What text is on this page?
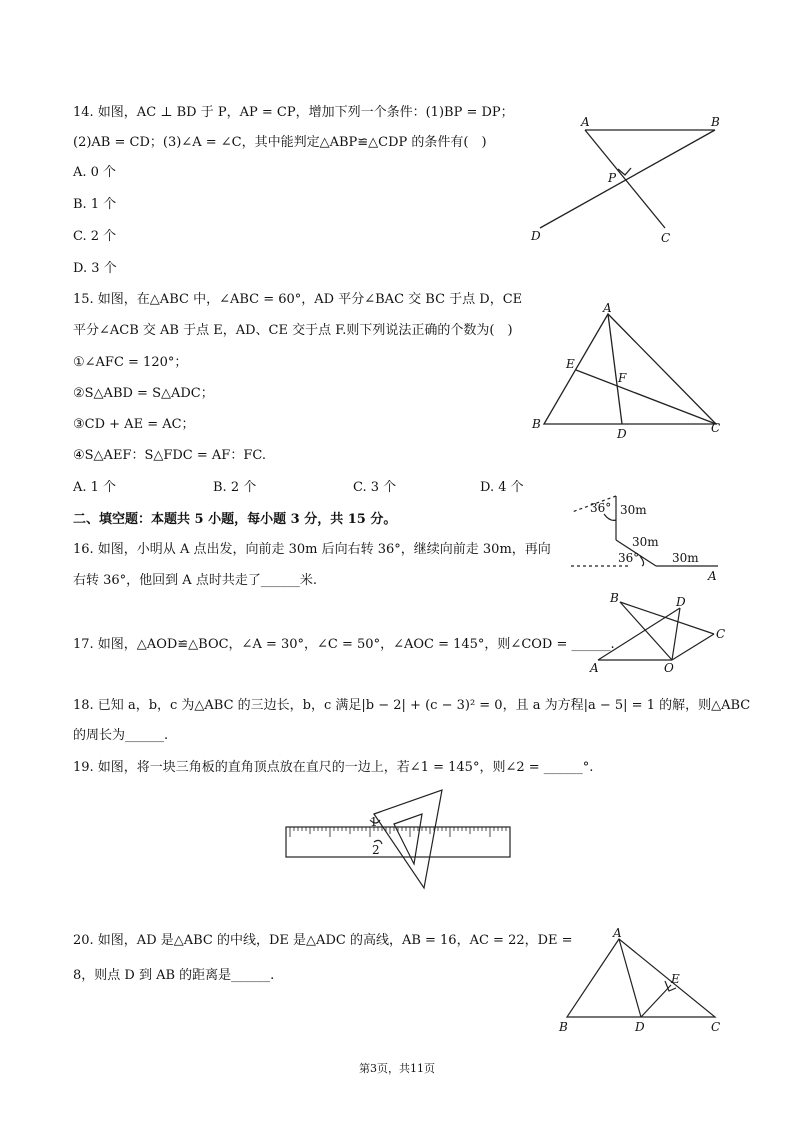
14. 如图，AC ⊥ BD 于 P，AP = CP，增加下列一个条件：(1)BP = DP；
(2)AB = CD；(3)∠A = ∠C，其中能判定△ABP≌△CDP 的条件有(　)
A. 0 个
B. 1 个
C. 2 个
D. 3 个
A	B
P
D	C
15. 如图，在△ABC 中，∠ABC = 60°，AD 平分∠BAC 交 BC 于点 D，CE
平分∠ACB 交 AB 于点 E，AD、CE 交于点 F.则下列说法正确的个数为(　)
①∠AFC = 120°；
②S△ABD = S△ADC；
③CD + AE = AC；
④S△AEF：S△FDC = AF：FC.
A. 1 个	B. 2 个	C. 3 个	D. 4 个
A
E
F
B
D	C
二、填空题：本题共 5 小题，每小题 3 分，共 15 分。
16. 如图，小明从 A 点出发，向前走 30m 后向右转 36°，继续向前走 30m，再向
右转 36°，他回到 A 点时共走了______米.
36° 30m
30m
36°	30m
A
17. 如图，△AOD≌△BOC，∠A = 30°，∠C = 50°，∠AOC = 145°，则∠COD = ______.
B	D
C
A	O
18. 已知 a，b，c 为△ABC 的三边长，b，c 满足|b − 2| + (c − 3)² = 0，且 a 为方程|a − 5| = 1 的解，则△ABC
的周长为______.
19. 如图，将一块三角板的直角顶点放在直尺的一边上，若∠1 = 145°，则∠2 = ______°.
1
2
20. 如图，AD 是△ABC 的中线，DE 是△ADC 的高线，AB = 16，AC = 22，DE =
8，则点 D 到 AB 的距离是______.
A
E
B	D	C
第3页，共11页
